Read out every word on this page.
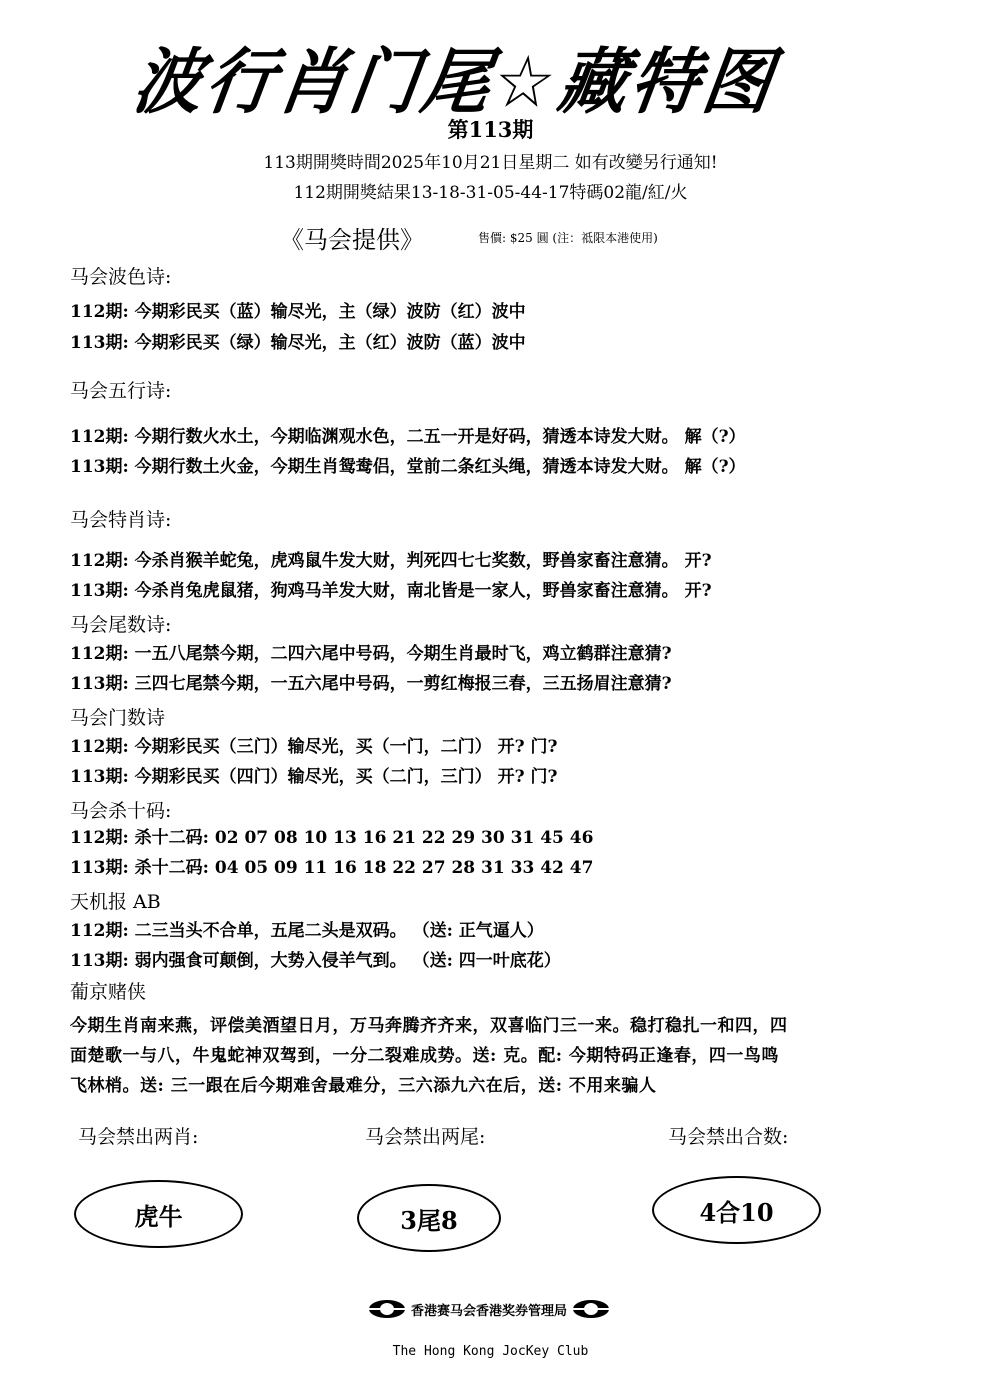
波行肖门尾☆藏特图
第113期
113期開獎時間2025年10月21日星期二 如有改變另行通知!
112期開獎結果13-18-31-05-44-17特碼02龍/紅/火
《马会提供》	售價: $25 圓 (注：祗限本港使用)
马会波色诗:
112期: 今期彩民买（蓝）输尽光，主（绿）波防（红）波中
113期: 今期彩民买（绿）输尽光，主（红）波防（蓝）波中
马会五行诗:
112期: 今期行数火水土，今期临渊观水色，二五一开是好码，猜透本诗发大财。 解（?）
113期: 今期行数土火金，今期生肖鸳鸯侣，堂前二条红头绳，猜透本诗发大财。 解（?）
马会特肖诗:
112期: 今杀肖猴羊蛇兔，虎鸡鼠牛发大财，判死四七七奖数，野兽家畜注意猜。 开?
113期: 今杀肖兔虎鼠猪，狗鸡马羊发大财，南北皆是一家人，野兽家畜注意猜。 开?
马会尾数诗:
112期: 一五八尾禁今期，二四六尾中号码，今期生肖最时飞，鸡立鹤群注意猜?
113期: 三四七尾禁今期，一五六尾中号码，一剪红梅报三春，三五扬眉注意猜?
马会门数诗
112期: 今期彩民买（三门）输尽光，买（一门，二门） 开? 门?
113期: 今期彩民买（四门）输尽光，买（二门，三门） 开? 门?
马会杀十码:
112期: 杀十二码: 02 07 08 10 13 16 21 22 29 30 31 45 46
113期: 杀十二码: 04 05 09 11 16 18 22 27 28 31 33 42 47
天机报 AB
112期: 二三当头不合单，五尾二头是双码。 （送: 正气逼人）
113期: 弱内强食可颠倒，大势入侵羊气到。 （送: 四一叶底花）
葡京赌侠
今期生肖南来燕，评偿美酒望日月，万马奔腾齐齐来，双喜临门三一来。稳打稳扎一和四，四
面楚歌一与八，牛鬼蛇神双驾到，一分二裂难成势。送: 克。配: 今期特码正逢春，四一鸟鸣
飞林梢。送: 三一跟在后今期难舍最难分，三六添九六在后，送: 不用来骗人
马会禁出两肖:
虎牛
马会禁出两尾:
3尾8
马会禁出合数:
4合10
香港赛马会香港奖券管理局
The Hong Kong JocKey Club
